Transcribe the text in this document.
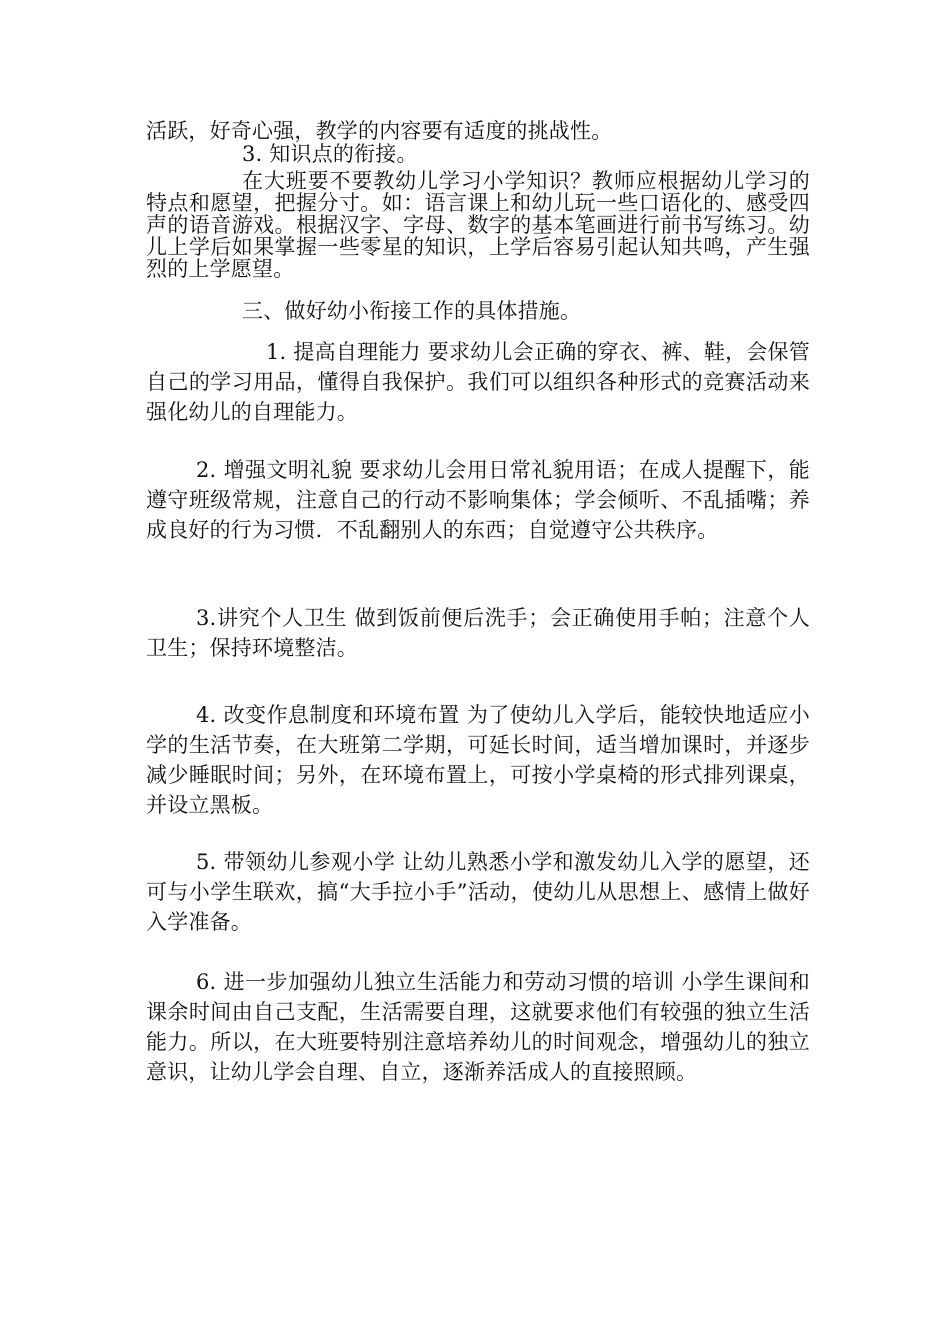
活跃，好奇心强，教学的内容要有适度的挑战性。

3. 知识点的衔接。

在大班要不要教幼儿学习小学知识？教师应根据幼儿学习的特点和愿望，把握分寸。如：语言课上和幼儿玩一些口语化的、感受四声的语音游戏。根据汉字、字母、数字的基本笔画进行前书写练习。幼儿上学后如果掌握一些零星的知识，上学后容易引起认知共鸣，产生强烈的上学愿望。

三、做好幼小衔接工作的具体措施。

1. 提高自理能力 要求幼儿会正确的穿衣、裤、鞋，会保管自己的学习用品，懂得自我保护。我们可以组织各种形式的竞赛活动来强化幼儿的自理能力。

2. 增强文明礼貌 要求幼儿会用日常礼貌用语；在成人提醒下，能遵守班级常规，注意自己的行动不影响集体；学会倾听、不乱插嘴；养成良好的行为习惯．不乱翻别人的东西；自觉遵守公共秩序。

3.讲究个人卫生 做到饭前便后洗手；会正确使用手帕；注意个人卫生；保持环境整洁。

4. 改变作息制度和环境布置 为了使幼儿入学后，能较快地适应小学的生活节奏，在大班第二学期，可延长时间，适当增加课时，并逐步减少睡眠时间；另外，在环境布置上，可按小学桌椅的形式排列课桌，并设立黑板。

5. 带领幼儿参观小学 让幼儿熟悉小学和激发幼儿入学的愿望，还可与小学生联欢，搞“大手拉小手”活动，使幼儿从思想上、感情上做好入学准备。

6. 进一步加强幼儿独立生活能力和劳动习惯的培训 小学生课间和课余时间由自己支配，生活需要自理，这就要求他们有较强的独立生活能力。所以，在大班要特别注意培养幼儿的时间观念，增强幼儿的独立意识，让幼儿学会自理、自立，逐渐养活成人的直接照顾。
